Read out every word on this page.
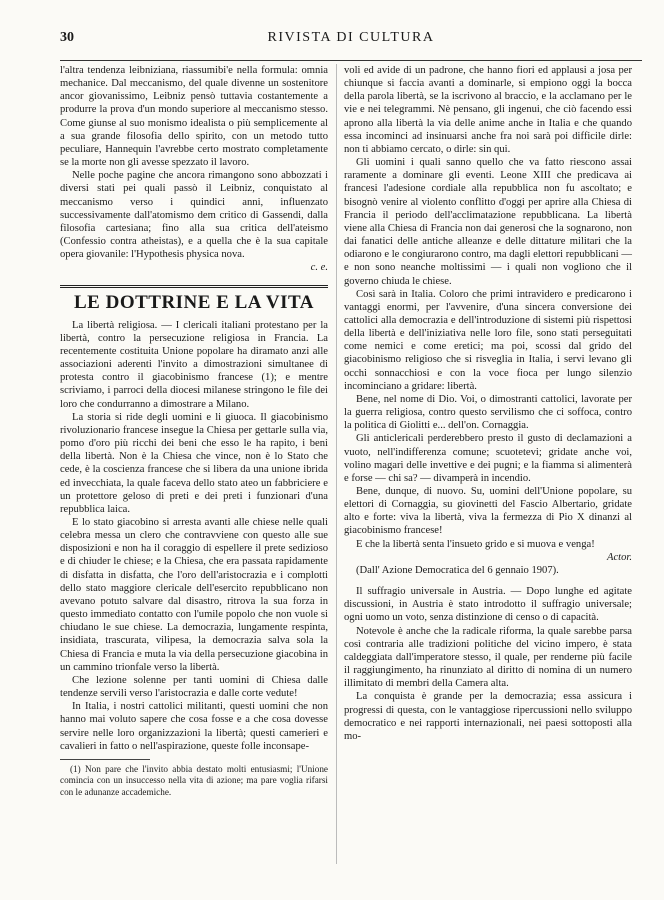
30	RIVISTA DI CULTURA

l'altra tendenza leibniziana, riassumibi'e nella formula: omnia mechanice. Dal meccanismo, del quale divenne un sostenitore ancor giovanissimo, Leibniz pensò tuttavia costantemente a produrre la prova d'un mondo superiore al meccanismo stesso. Come giunse al suo monismo idealista o più semplicemente al a sua grande filosofia dello spirito, con un metodo tutto peculiare, Hannequin l'avrebbe certo mostrato completamente se la morte non gli avesse spezzato il lavoro.

Nelle poche pagine che ancora rimangono sono abbozzati i diversi stati pei quali passò il Leibniz, conquistato al meccanismo verso i quindici anni, influenzato successivamente dall'atomismo dem critico di Gassendi, dalla filosofia cartesiana; fino alla sua critica dell'ateismo (Confessio contra atheistas), e a quella che è la sua capitale opera giovanile: l'Hypothesis physica nova.

c. e.
LE DOTTRINE E LA VITA

La libertà religiosa. — I clericali italiani protestano per la libertà, contro la persecuzione religiosa in Francia. La recentemente costituita Unione popolare ha diramato anzi alle associazioni aderenti l'invito a dimostrazioni simultanee di protesta contro il giacobinismo francese (1); e mentre scriviamo, i parroci della diocesi milanese stringono le file dei loro che condurranno a dimostrare a Milano.

La storia si ride degli uomini e li giuoca. Il giacobinismo rivoluzionario francese insegue la Chiesa per gettarle sulla via, pomo d'oro più ricchi dei beni che esso le ha rapito, i beni della libertà. Non è la Chiesa che vince, non è lo Stato che cede, è la coscienza francese che si libera da una unione ibrida ed invecchiata, la quale faceva dello stato ateo un fabbriciere e un protettore geloso di preti e dei preti i funzionari d'una repubblica laica.

E lo stato giacobino si arresta avanti alle chiese nelle quali celebra messa un clero che contravviene con questo alle sue disposizioni e non ha il coraggio di espellere il prete sedizioso e di chiuder le chiese; e la Chiesa, che era passata rapidamente di disfatta in disfatta, che l'oro dell'aristocrazia e i complotti dello stato maggiore clericale dell'esercito repubblicano non avevano potuto salvare dal disastro, ritrova la sua forza in questo immediato contatto con l'umile popolo che non vuole si chiudano le sue chiese. La democrazia, lungamente respinta, insidiata, trascurata, vilipesa, la democrazia salva sola la Chiesa di Francia e muta la via della persecuzione giacobina in un cammino trionfale verso la libertà.

Che lezione solenne per tanti uomini di Chiesa dalle tendenze servili verso l'aristocrazia e dalle corte vedute!

In Italia, i nostri cattolici militanti, questi uomini che non hanno mai voluto sapere che cosa fosse e a che cosa dovesse servire nelle loro organizzazioni la libertà; questi camerieri e cavalieri in fatto o nell'aspirazione, queste folle inconsape-

(1) Non pare che l'invito abbia destato molti entusiasmi; l'Unione comincia con un insuccesso nella vita di azione; ma pare voglia rifarsi con le adunanze accademiche.

voli ed avide di un padrone, che hanno fiori ed applausi a josa per chiunque si faccia avanti a dominarle, si empiono oggi la bocca della parola libertà, se la iscrivono al braccio, e la acclamano per le vie e nei telegrammi. Nè pensano, gli ingenui, che ciò facendo essi aprono alla libertà la via delle anime anche in Italia e che quando essa incominci ad insinuarsi anche fra noi sarà poi difficile dirle: non ti abbiamo cercato, o dirle: sin qui.

Gli uomini i quali sanno quello che va fatto riescono assai raramente a dominare gli eventi. Leone XIII che predicava ai francesi l'adesione cordiale alla repubblica non fu ascoltato; e bisognò venire al violento conflitto d'oggi per aprire alla Chiesa di Francia il periodo dell'acclimatazione repubblicana. La libertà viene alla Chiesa di Francia non dai generosi che la sognarono, non dai fanatici delle antiche alleanze e delle dittature militari che la odiarono e le congiurarono contro, ma dagli elettori repubblicani — e non sono neanche moltissimi — i quali non vogliono che il governo chiuda le chiese.

Così sarà in Italia. Coloro che primi intravidero e predicarono i vantaggi enormi, per l'avvenire, d'una sincera conversione dei cattolici alla democrazia e dell'introduzione di sistemi più rispettosi della libertà e dell'iniziativa nelle loro file, sono stati perseguitati come nemici e come eretici; ma poi, scossi dal grido del giacobinismo religioso che si risveglia in Italia, i servi levano gli occhi sonnacchiosi e con la voce fioca per lungo silenzio incominciano a gridare: libertà.

Bene, nel nome di Dio. Voi, o dimostranti cattolici, lavorate per la guerra religiosa, contro questo servilismo che ci soffoca, contro la politica di Giolitti e... dell'on. Cornaggia.

Gli anticlericali perderebbero presto il gusto di declamazioni a vuoto, nell'indifferenza comune; scuotetevi; gridate anche voi, volino magari delle invettive e dei pugni; e la fiamma si alimenterà e forse — chi sa? — divamperà in incendio.

Bene, dunque, di nuovo. Su, uomini dell'Unione popolare, su elettori di Cornaggia, su giovinetti del Fascio Albertario, gridate alto e forte: viva la libertà, viva la fermezza di Pio X dinanzi al giacobinismo francese!

E che la libertà senta l'insueto grido e si muova e venga!

Actor.

(Dall' Azione Democratica del 6 gennaio 1907).

Il suffragio universale in Austria. — Dopo lunghe ed agitate discussioni, in Austria è stato introdotto il suffragio universale; ogni uomo un voto, senza distinzione di censo o di capacità.

Notevole è anche che la radicale riforma, la quale sarebbe parsa così contraria alle tradizioni politiche del vicino impero, è stata caldeggiata dall'imperatore stesso, il quale, per renderne più facile il raggiungimento, ha rinunziato al diritto di nomina di un numero illimitato di membri della Camera alta.

La conquista è grande per la democrazia; essa assicura i progressi di questa, con le vantaggiose ripercussioni nello sviluppo democratico e nei rapporti internazionali, nei paesi sottoposti alla mo-
